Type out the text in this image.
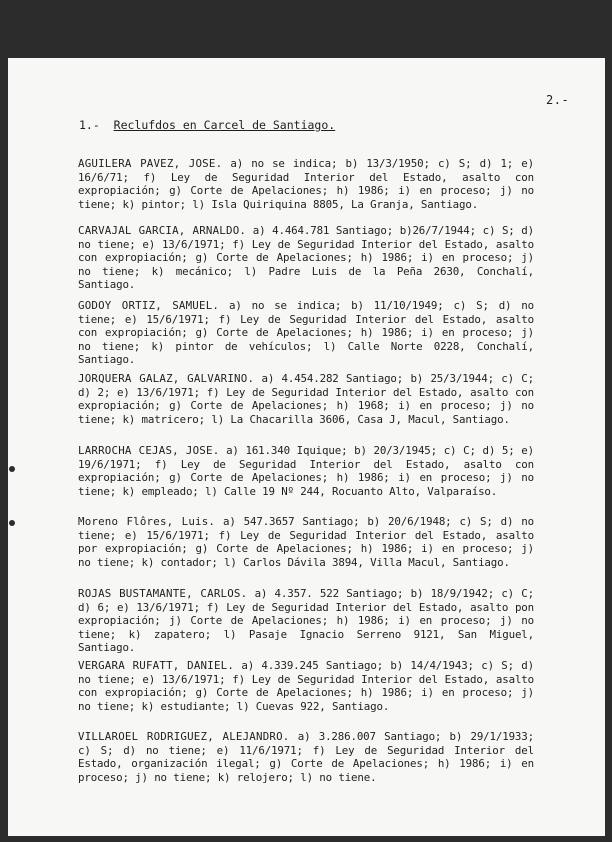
2.-
1.- Reclufdos en Carcel de Santiago.

AGUILERA PAVEZ, JOSE. a) no se indica; b) 13/3/1950; c) S; d) 1; e) 16/6/71; f) Ley de Seguridad Interior del Estado, asalto con expropiación; g) Corte de Apelaciones; h) 1986; i) en proceso; j) no tiene; k) pintor; l) Isla Quiriquina 8805, La Granja, Santiago.

CARVAJAL GARCIA, ARNALDO. a) 4.464.781 Santiago; b)26/7/1944; c) S; d) no tiene; e) 13/6/1971; f) Ley de Seguridad Interior del Estado, asalto con expropiación; g) Corte de Apelaciones; h) 1986; i) en proceso; j) no tiene; k) mecánico; l) Padre Luis de la Peña 2630, Conchalí, Santiago.

GODOY ORTIZ, SAMUEL. a) no se indica; b) 11/10/1949; c) S; d) no tiene; e) 15/6/1971; f) Ley de Seguridad Interior del Estado, asalto con expropiación; g) Corte de Apelaciones; h) 1986; i) en proceso; j) no tiene; k) pintor de vehículos; l) Calle Norte 0228, Conchalí, Santiago.

JORQUERA GALAZ, GALVARINO. a) 4.454.282 Santiago; b) 25/3/1944; c) C; d) 2; e) 13/6/1971; f) Ley de Seguridad Interior del Estado, asalto con expropiación; g) Corte de Apelaciones; h) 1968; i) en proceso; j) no tiene; k) matricero; l) La Chacarilla 3606, Casa J, Macul, Santiago.

LARROCHA CEJAS, JOSE. a) 161.340 Iquique; b) 20/3/1945; c) C; d) 5; e) 19/6/1971; f) Ley de Seguridad Interior del Estado, asalto con expropiación; g) Corte de Apelaciones; h) 1986; i) en proceso; j) no tiene; k) empleado; l) Calle 19 Nº 244, Rocuanto Alto, Valparaíso.

Moreno Flôres, Luis. a) 547.3657 Santiago; b) 20/6/1948; c) S; d) no tiene; e) 15/6/1971; f) Ley de Seguridad Interior del Estado, asalto por expropiación; g) Corte de Apelaciones; h) 1986; i) en proceso; j) no tiene; k) contador; l) Carlos Dávila 3894, Villa Macul, Santiago.

ROJAS BUSTAMANTE, CARLOS. a) 4.357. 522 Santiago; b) 18/9/1942; c) C; d) 6; e) 13/6/1971; f) Ley de Seguridad Interior del Estado, asalto pon expropiación; j) Corte de Apelaciones; h) 1986; i) en proceso; j) no tiene; k) zapatero; l) Pasaje Ignacio Serreno 9121, San Miguel, Santiago.

VERGARA RUFATT, DANIEL. a) 4.339.245 Santiago; b) 14/4/1943; c) S; d) no tiene; e) 13/6/1971; f) Ley de Seguridad Interior del Estado, asalto con expropiación; g) Corte de Apelaciones; h) 1986; i) en proceso; j) no tiene; k) estudiante; l) Cuevas 922, Santiago.

VILLAROEL RODRIGUEZ, ALEJANDRO. a) 3.286.007 Santiago; b) 29/1/1933; c) S; d) no tiene; e) 11/6/1971; f) Ley de Seguridad Interior del Estado, organización ilegal; g) Corte de Apelaciones; h) 1986; i) en proceso; j) no tiene; k) relojero; l) no tiene.
